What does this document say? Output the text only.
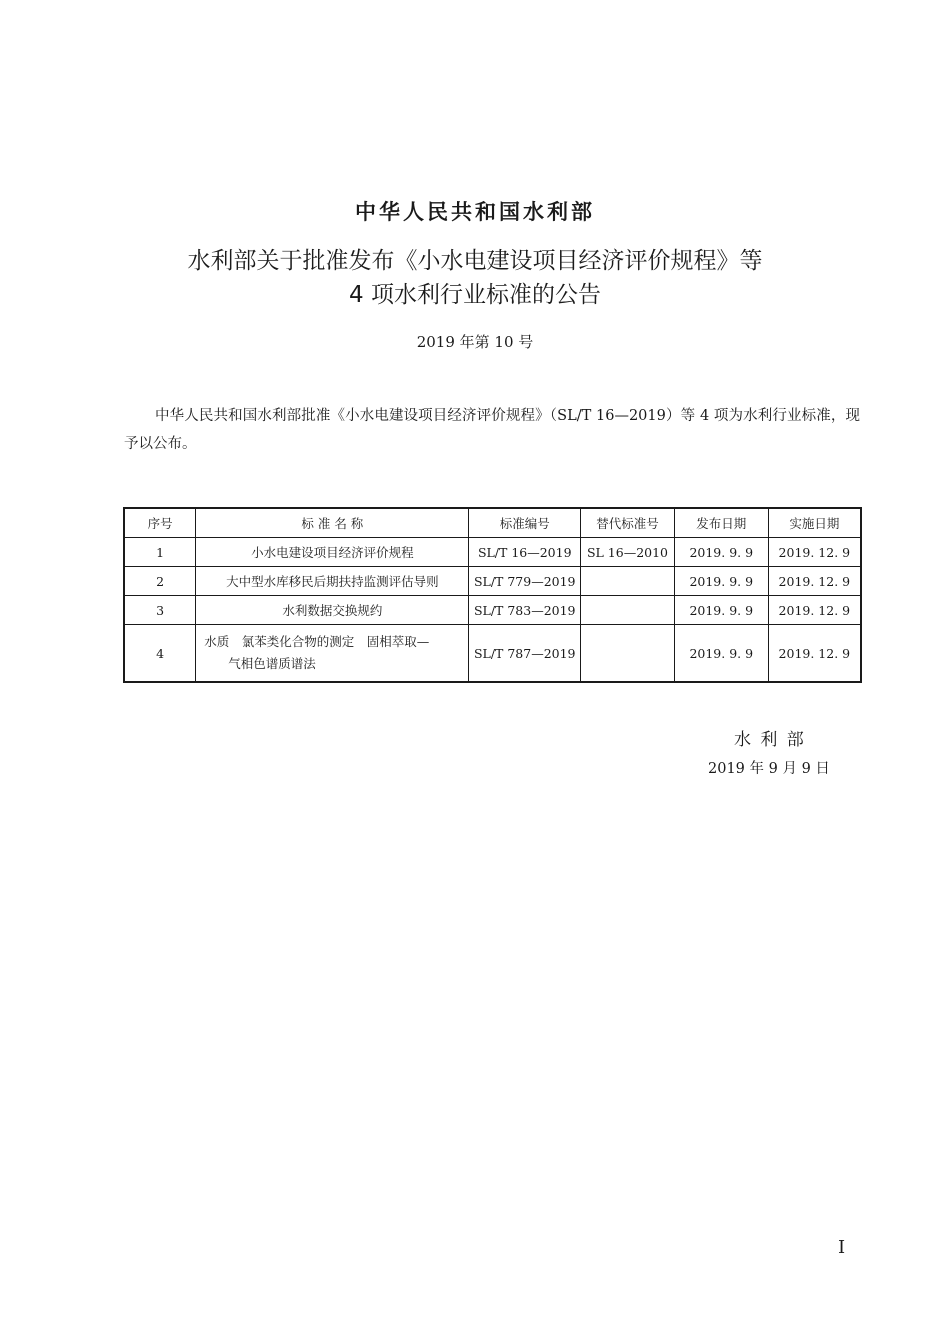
中华人民共和国水利部
水利部关于批准发布《小水电建设项目经济评价规程》等
4 项水利行业标准的公告
2019 年第 10 号
中华人民共和国水利部批准《小水电建设项目经济评价规程》（SL/T 16—2019）等 4 项为水利行业标准，现予以公布。
序号	标 准 名 称	标准编号	替代标准号	发布日期	实施日期
1	小水电建设项目经济评价规程	SL/T 16—2019	SL 16—2010	2019. 9. 9	2019. 12. 9
2	大中型水库移民后期扶持监测评估导则	SL/T 779—2019		2019. 9. 9	2019. 12. 9
3	水利数据交换规约	SL/T 783—2019		2019. 9. 9	2019. 12. 9
4	水质　氯苯类化合物的测定　固相萃取—
气相色谱质谱法	SL/T 787—2019		2019. 9. 9	2019. 12. 9
水 利 部
2019 年 9 月 9 日
I
